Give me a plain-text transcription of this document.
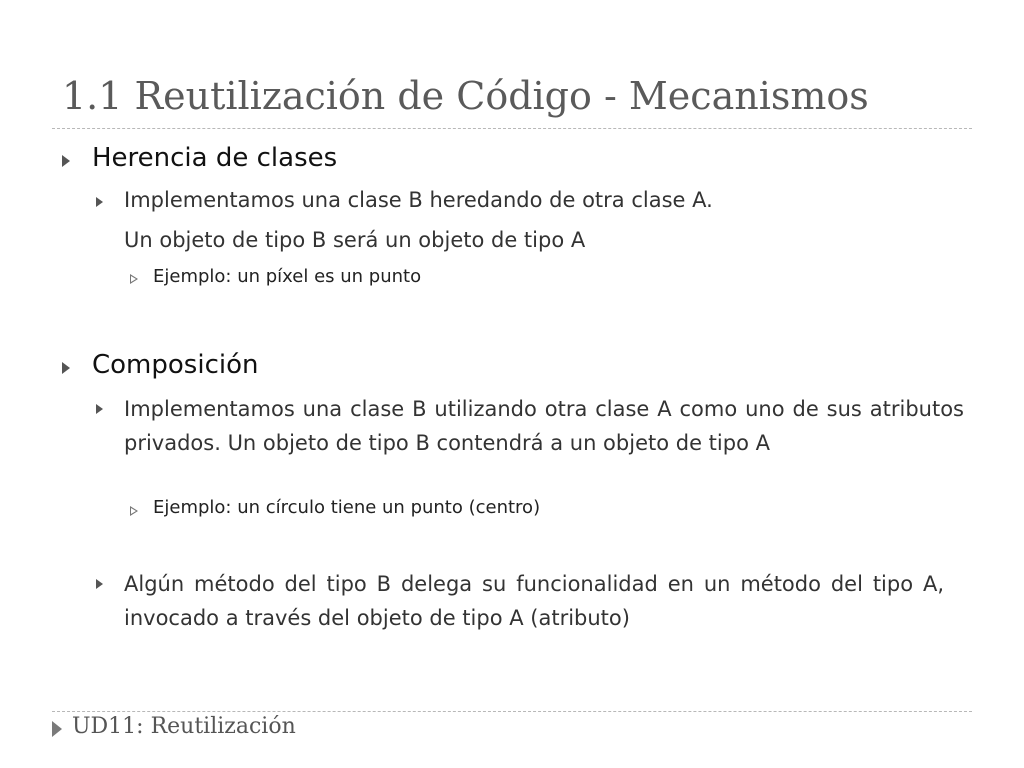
1.1 Reutilización de Código - Mecanismos
Herencia de clases
Implementamos una clase B heredando de otra clase A.
Un objeto de tipo B será un objeto de tipo A
Ejemplo: un píxel es un punto
Composición
Implementamos una clase B utilizando otra clase A como uno de sus atributos privados. Un objeto de tipo B contendrá a un objeto de tipo A
Ejemplo: un círculo tiene un punto (centro)
Algún método del tipo B delega su funcionalidad en un método del tipo A, invocado a través del objeto de tipo A (atributo)
UD11: Reutilización
